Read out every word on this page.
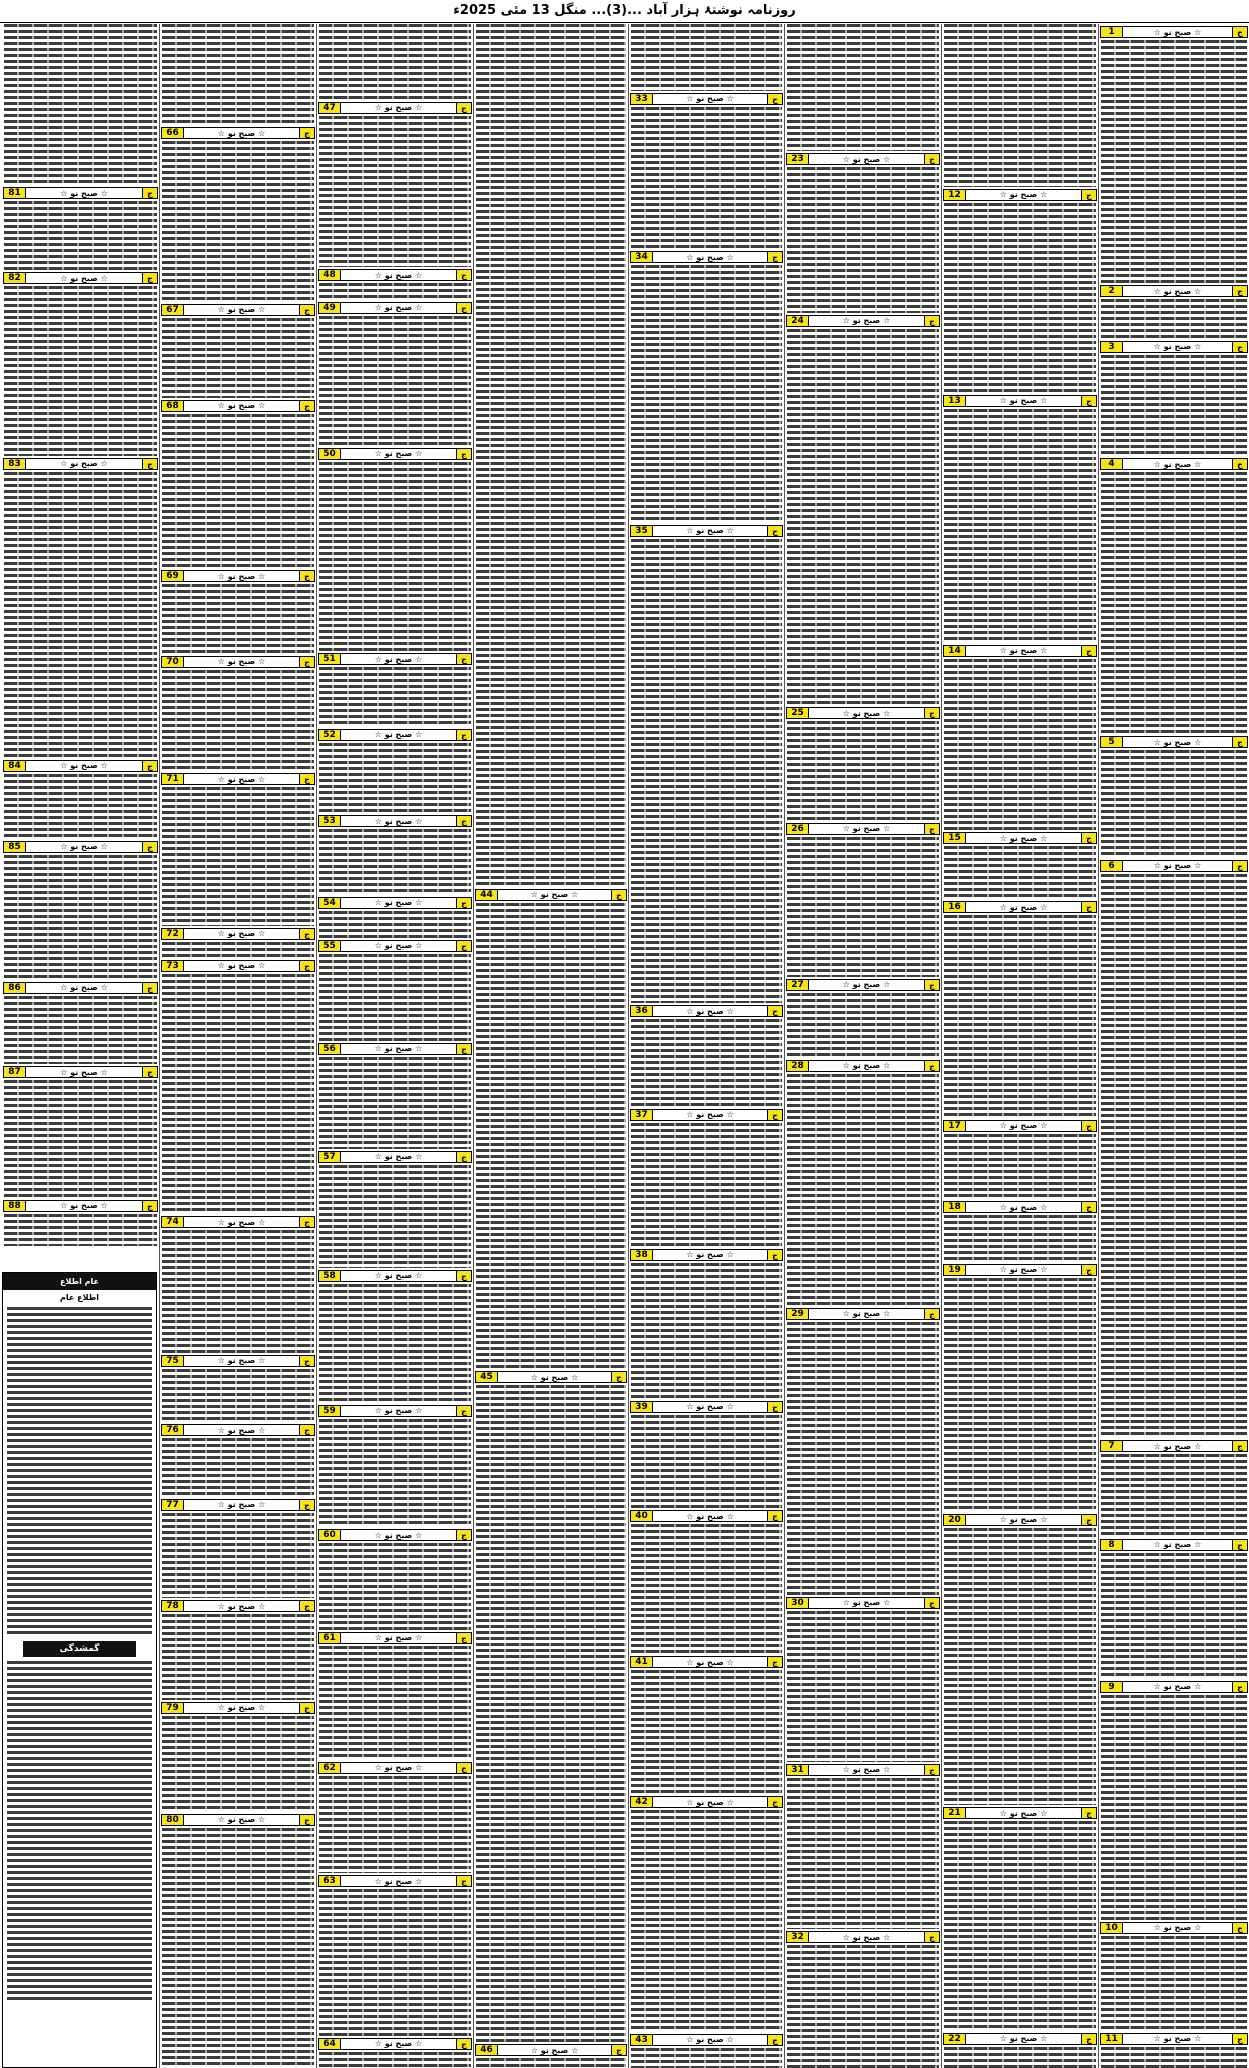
روزنامہ نوشتۂ ہزار آباد ...(3)... منگل 13 مئی 2025ء
1	☆ صبح نو ☆	ج
2	☆ صبح نو ☆	ج
3	☆ صبح نو ☆	ج
4	☆ صبح نو ☆	ج
5	☆ صبح نو ☆	ج
6	☆ صبح نو ☆	ج
7	☆ صبح نو ☆	ج
8	☆ صبح نو ☆	ج
9	☆ صبح نو ☆	ج
10	☆ صبح نو ☆	ج
11	☆ صبح نو ☆	ج
12	☆ صبح نو ☆	ج
13	☆ صبح نو ☆	ج
14	☆ صبح نو ☆	ج
15	☆ صبح نو ☆	ج
16	☆ صبح نو ☆	ج
17	☆ صبح نو ☆	ج
18	☆ صبح نو ☆	ج
19	☆ صبح نو ☆	ج
20	☆ صبح نو ☆	ج
21	☆ صبح نو ☆	ج
22	☆ صبح نو ☆	ج
23	☆ صبح نو ☆	ج
24	☆ صبح نو ☆	ج
25	☆ صبح نو ☆	ج
26	☆ صبح نو ☆	ج
27	☆ صبح نو ☆	ج
28	☆ صبح نو ☆	ج
29	☆ صبح نو ☆	ج
30	☆ صبح نو ☆	ج
31	☆ صبح نو ☆	ج
32	☆ صبح نو ☆	ج
33	☆ صبح نو ☆	ج
34	☆ صبح نو ☆	ج
35	☆ صبح نو ☆	ج
36	☆ صبح نو ☆	ج
37	☆ صبح نو ☆	ج
38	☆ صبح نو ☆	ج
39	☆ صبح نو ☆	ج
40	☆ صبح نو ☆	ج
41	☆ صبح نو ☆	ج
42	☆ صبح نو ☆	ج
43	☆ صبح نو ☆	ج
44	☆ صبح نو ☆	ج
45	☆ صبح نو ☆	ج
46	☆ صبح نو ☆	ج
47	☆ صبح نو ☆	ج
48	☆ صبح نو ☆	ج
49	☆ صبح نو ☆	ج
50	☆ صبح نو ☆	ج
51	☆ صبح نو ☆	ج
52	☆ صبح نو ☆	ج
53	☆ صبح نو ☆	ج
54	☆ صبح نو ☆	ج
55	☆ صبح نو ☆	ج
56	☆ صبح نو ☆	ج
57	☆ صبح نو ☆	ج
58	☆ صبح نو ☆	ج
59	☆ صبح نو ☆	ج
60	☆ صبح نو ☆	ج
61	☆ صبح نو ☆	ج
62	☆ صبح نو ☆	ج
63	☆ صبح نو ☆	ج
64	☆ صبح نو ☆	ج
66	☆ صبح نو ☆	ج
67	☆ صبح نو ☆	ج
68	☆ صبح نو ☆	ج
69	☆ صبح نو ☆	ج
70	☆ صبح نو ☆	ج
71	☆ صبح نو ☆	ج
72	☆ صبح نو ☆	ج
73	☆ صبح نو ☆	ج
74	☆ صبح نو ☆	ج
75	☆ صبح نو ☆	ج
76	☆ صبح نو ☆	ج
77	☆ صبح نو ☆	ج
78	☆ صبح نو ☆	ج
79	☆ صبح نو ☆	ج
80	☆ صبح نو ☆	ج
81	☆ صبح نو ☆	ج
82	☆ صبح نو ☆	ج
83	☆ صبح نو ☆	ج
84	☆ صبح نو ☆	ج
85	☆ صبح نو ☆	ج
86	☆ صبح نو ☆	ج
87	☆ صبح نو ☆	ج
88	☆ صبح نو ☆	ج
عام اطلاع
اطلاع عام
گمشدگی
